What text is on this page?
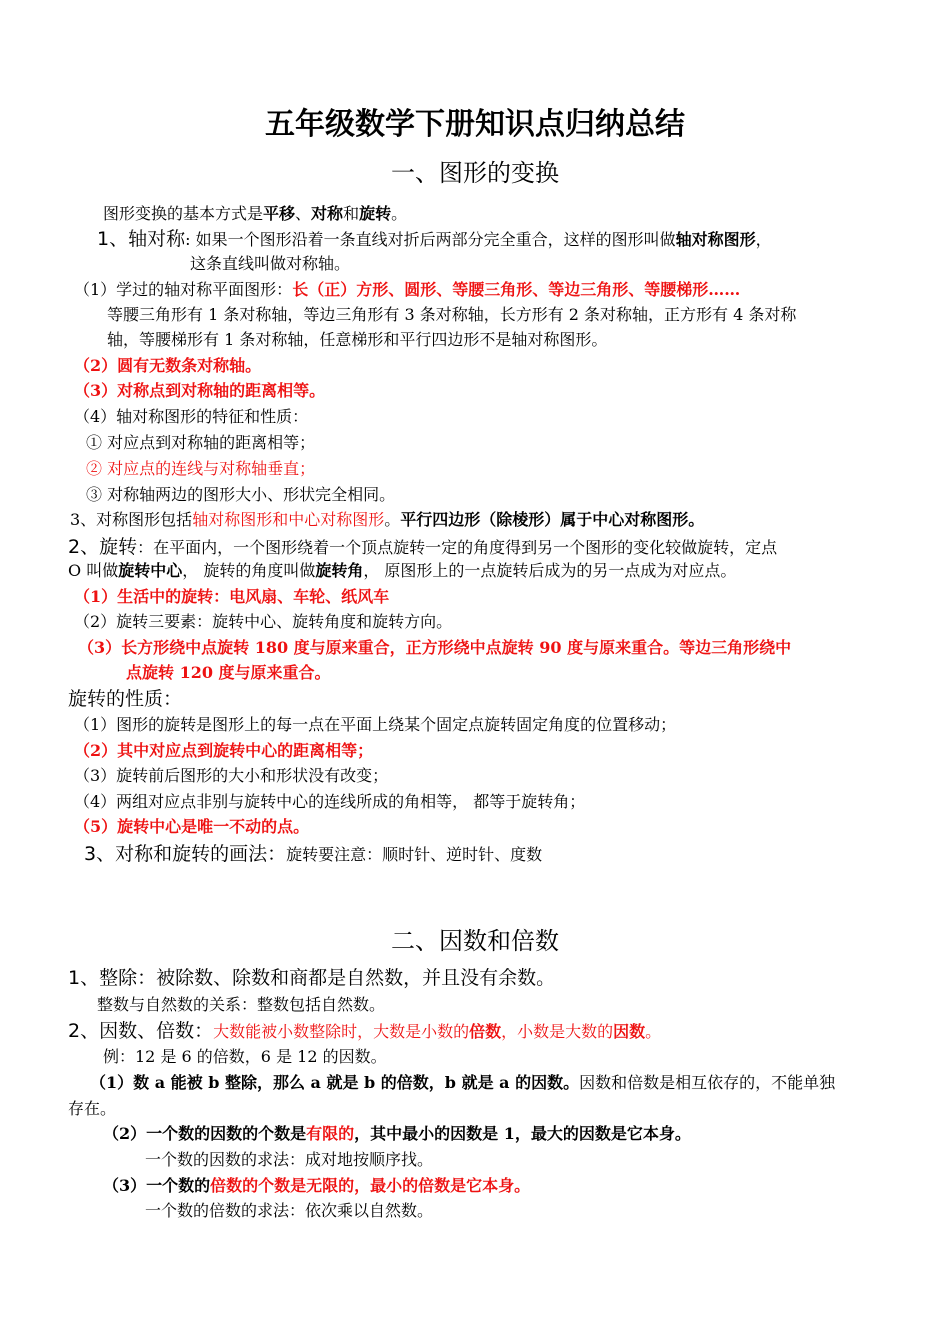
五年级数学下册知识点归纳总结
一、图形的变换
图形变换的基本方式是平移、对称和旋转。
1、轴对称: 如果一个图形沿着一条直线对折后两部分完全重合，这样的图形叫做轴对称图形，
这条直线叫做对称轴。
（1）学过的轴对称平面图形：长（正）方形、圆形、等腰三角形、等边三角形、等腰梯形……
等腰三角形有 1 条对称轴，等边三角形有 3 条对称轴，长方形有 2 条对称轴，正方形有 4 条对称
轴，等腰梯形有 1 条对称轴，任意梯形和平行四边形不是轴对称图形。
（2）圆有无数条对称轴。
（3）对称点到对称轴的距离相等。
（4）轴对称图形的特征和性质：
① 对应点到对称轴的距离相等；
② 对应点的连线与对称轴垂直；
③ 对称轴两边的图形大小、形状完全相同。
3、对称图形包括轴对称图形和中心对称图形。平行四边形（除棱形）属于中心对称图形。
2、旋转：在平面内，一个图形绕着一个顶点旋转一定的角度得到另一个图形的变化较做旋转，定点
O 叫做旋转中心， 旋转的角度叫做旋转角， 原图形上的一点旋转后成为的另一点成为对应点。
（1）生活中的旋转：电风扇、车轮、纸风车
（2）旋转三要素：旋转中心、旋转角度和旋转方向。
（3）长方形绕中点旋转 180 度与原来重合，正方形绕中点旋转 90 度与原来重合。等边三角形绕中
点旋转 120 度与原来重合。
旋转的性质：
（1）图形的旋转是图形上的每一点在平面上绕某个固定点旋转固定角度的位置移动；
（2）其中对应点到旋转中心的距离相等；
（3）旋转前后图形的大小和形状没有改变；
（4）两组对应点非别与旋转中心的连线所成的角相等， 都等于旋转角；
（5）旋转中心是唯一不动的点。
3、对称和旋转的画法：旋转要注意：顺时针、逆时针、度数
二、因数和倍数
1、整除：被除数、除数和商都是自然数，并且没有余数。
整数与自然数的关系：整数包括自然数。
2、因数、倍数：大数能被小数整除时，大数是小数的倍数，小数是大数的因数。
例：12 是 6 的倍数，6 是 12 的因数。
（1）数 a 能被 b 整除，那么 a 就是 b 的倍数，b 就是 a 的因数。因数和倍数是相互依存的，不能单独
存在。
（2）一个数的因数的个数是有限的，其中最小的因数是 1，最大的因数是它本身。
一个数的因数的求法：成对地按顺序找。
（3）一个数的倍数的个数是无限的，最小的倍数是它本身。
一个数的倍数的求法：依次乘以自然数。
